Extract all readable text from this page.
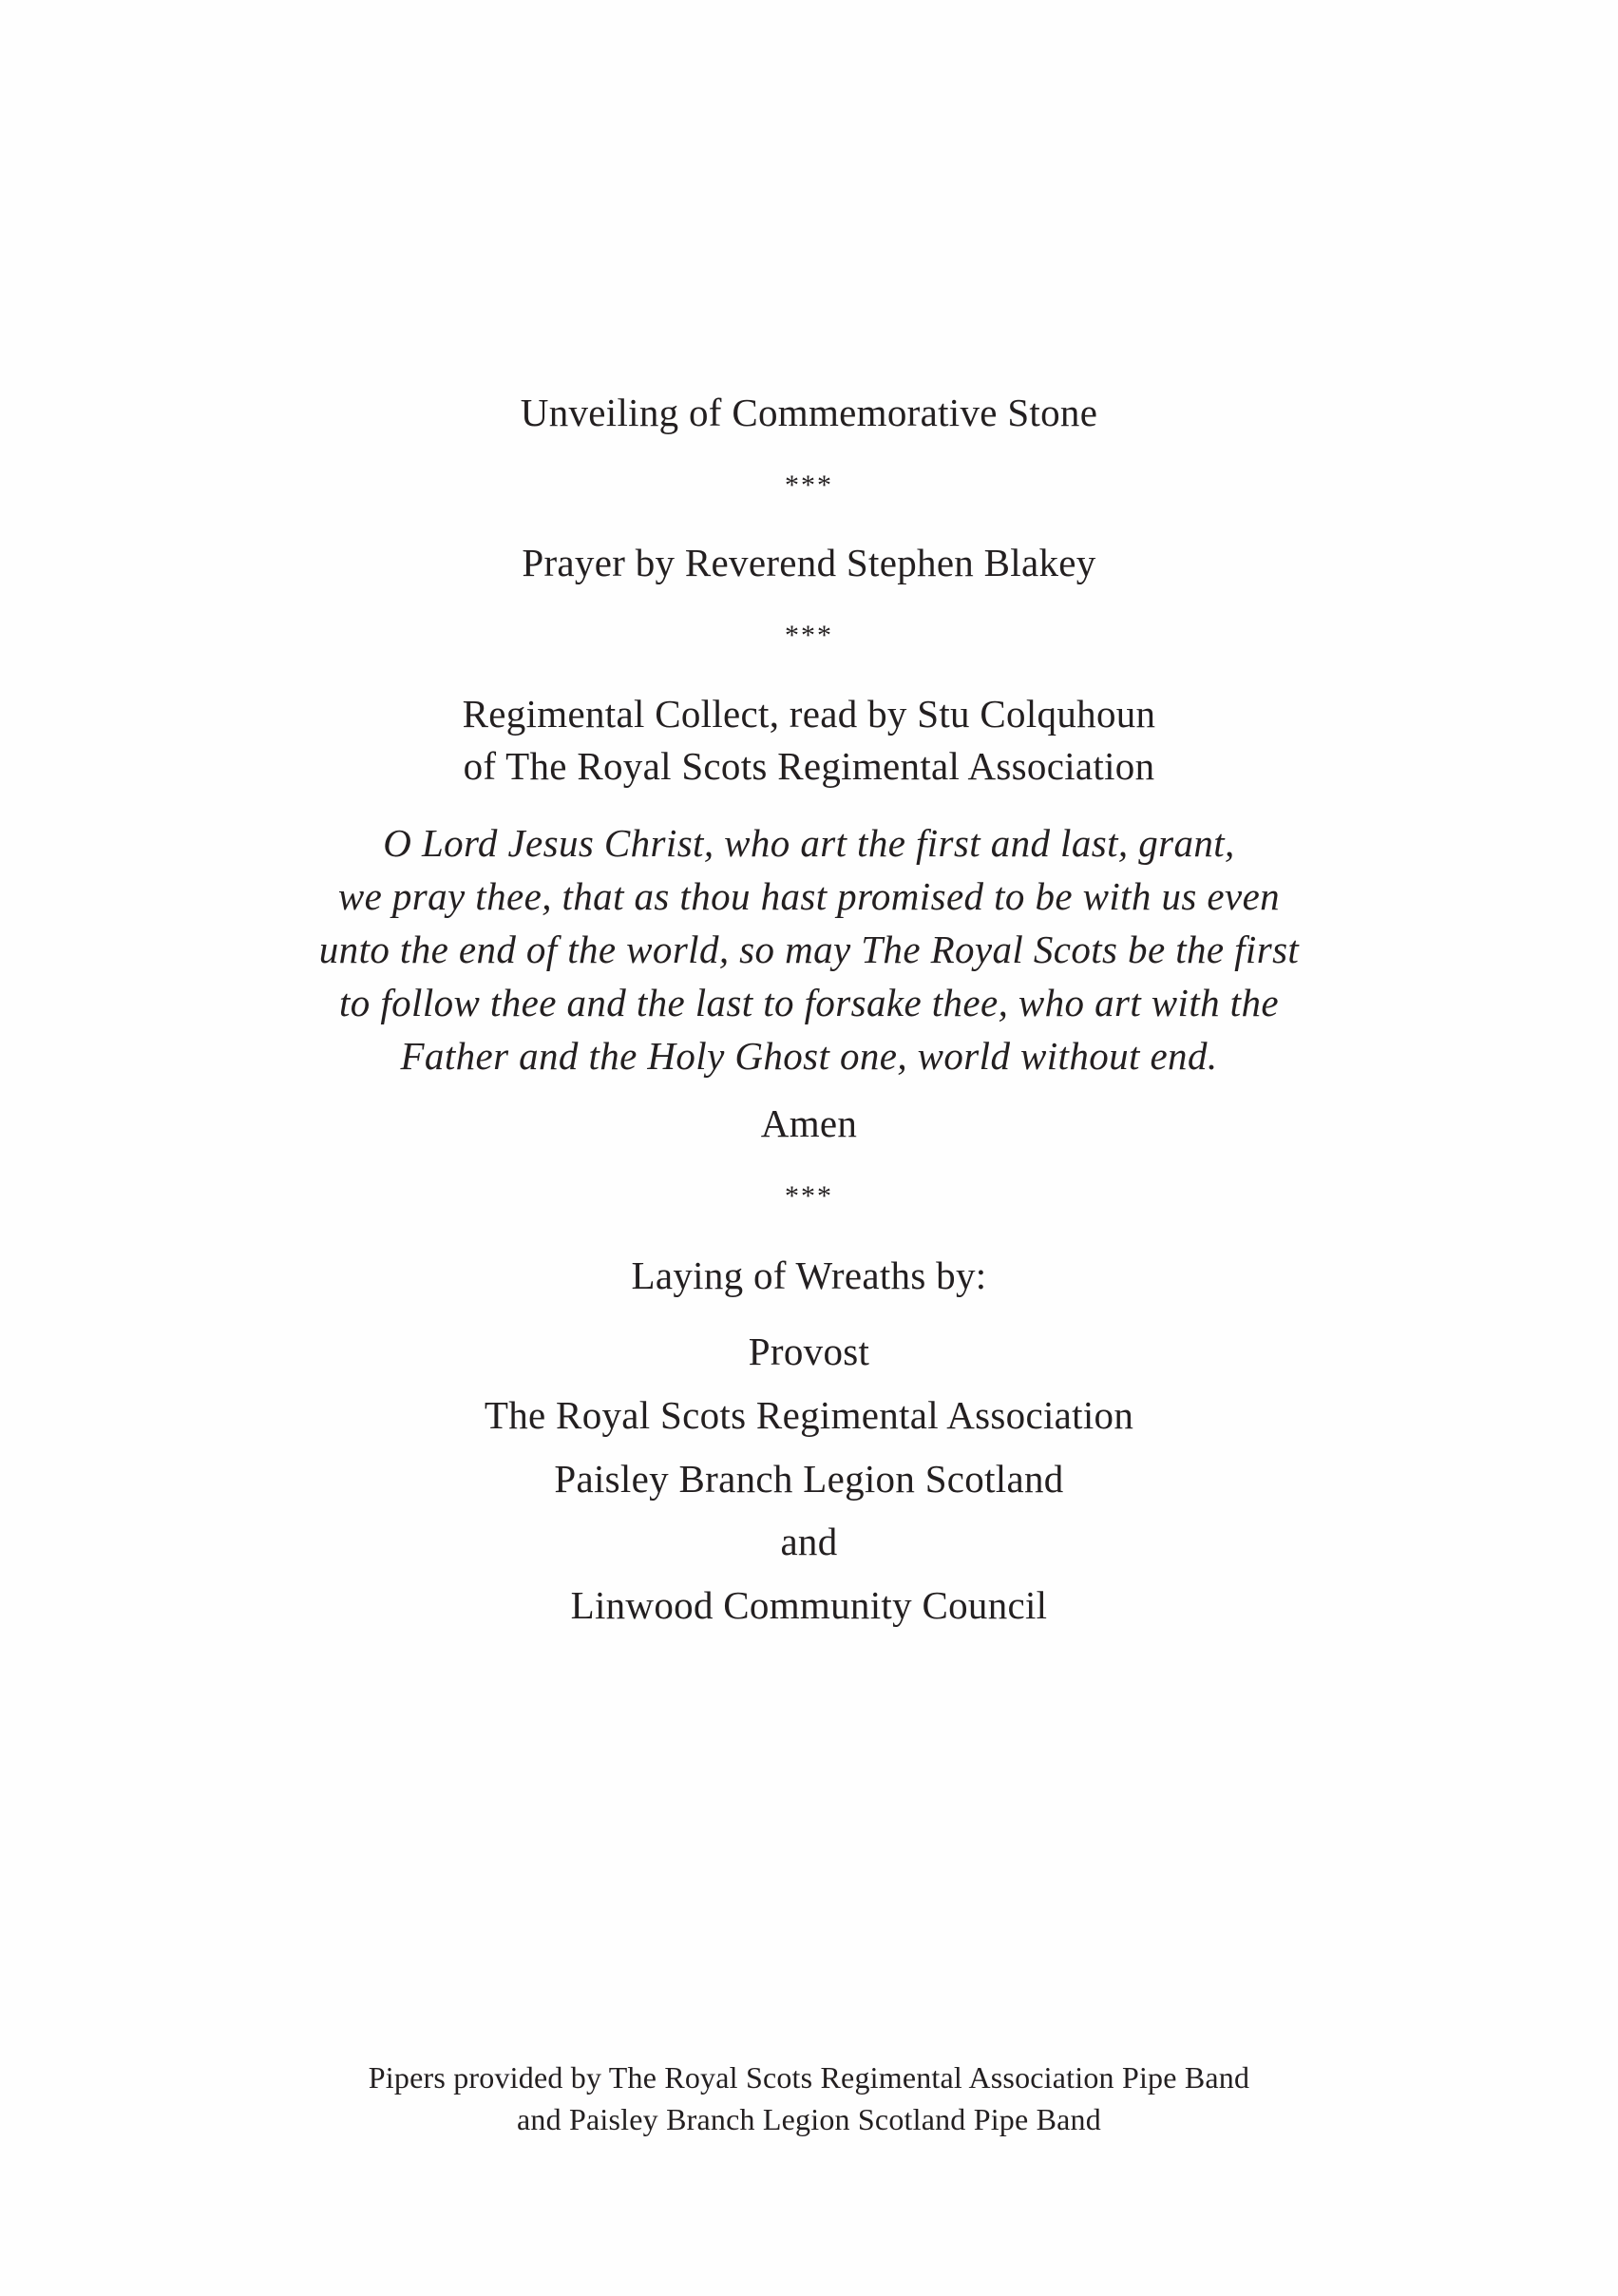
Unveiling of Commemorative Stone

***

Prayer by Reverend Stephen Blakey

***

Regimental Collect, read by Stu Colquhoun

of The Royal Scots Regimental Association

O Lord Jesus Christ, who art the first and last, grant,

we pray thee, that as thou hast promised to be with us even

unto the end of the world, so may The Royal Scots be the first

to follow thee and the last to forsake thee, who art with the

Father and the Holy Ghost one, world without end.

Amen

***

Laying of Wreaths by:

Provost

The Royal Scots Regimental Association

Paisley Branch Legion Scotland

and

Linwood Community Council

Pipers provided by The Royal Scots Regimental Association Pipe Band

and Paisley Branch Legion Scotland Pipe Band
